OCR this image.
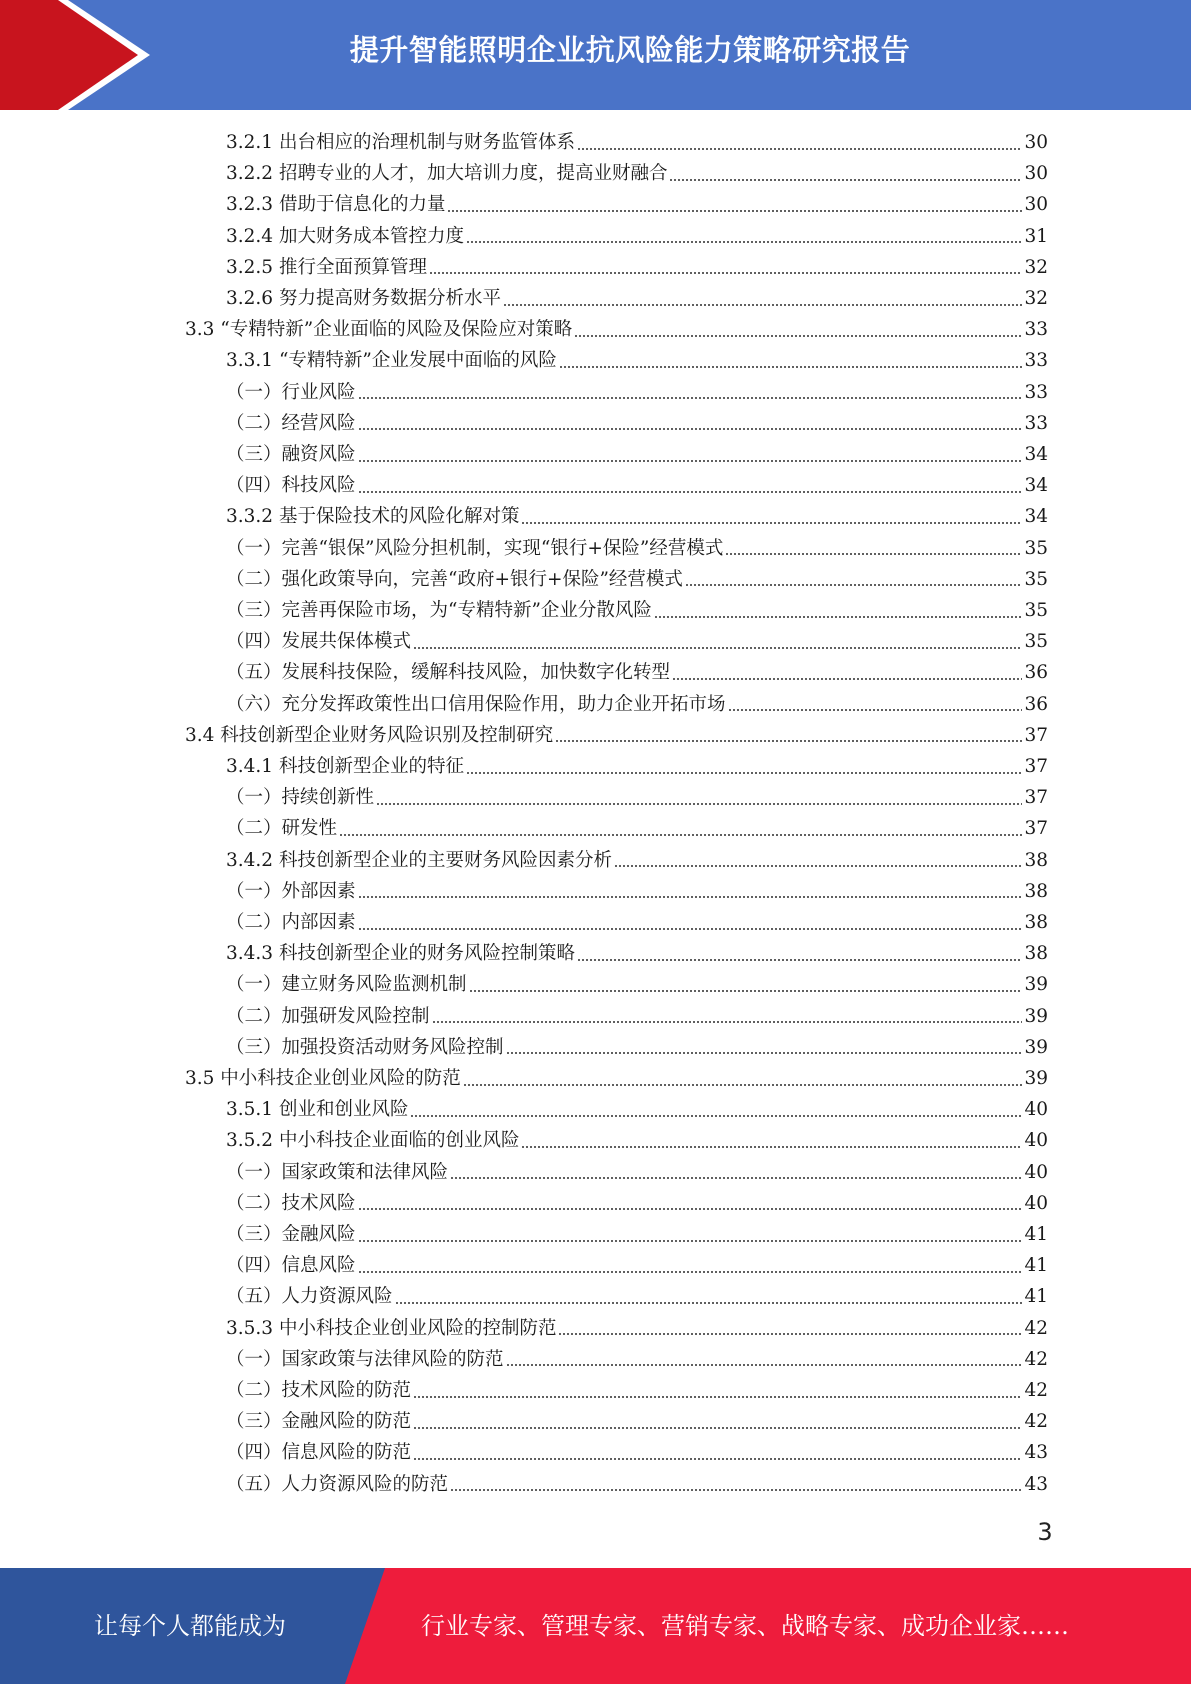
提升智能照明企业抗风险能力策略研究报告
3.2.1 出台相应的治理机制与财务监管体系	30
3.2.2 招聘专业的人才，加大培训力度，提高业财融合	30
3.2.3 借助于信息化的力量	30
3.2.4 加大财务成本管控力度	31
3.2.5 推行全面预算管理	32
3.2.6 努力提高财务数据分析水平	32
3.3 “专精特新”企业面临的风险及保险应对策略	33
3.3.1 “专精特新”企业发展中面临的风险	33
（一）行业风险	33
（二）经营风险	33
（三）融资风险	34
（四）科技风险	34
3.3.2 基于保险技术的风险化解对策	34
（一）完善“银保”风险分担机制，实现“银行+保险”经营模式	35
（二）强化政策导向，完善“政府+银行+保险”经营模式	35
（三）完善再保险市场，为“专精特新”企业分散风险	35
（四）发展共保体模式	35
（五）发展科技保险，缓解科技风险，加快数字化转型	36
（六）充分发挥政策性出口信用保险作用，助力企业开拓市场	36
3.4 科技创新型企业财务风险识别及控制研究	37
3.4.1 科技创新型企业的特征	37
（一）持续创新性	37
（二）研发性	37
3.4.2 科技创新型企业的主要财务风险因素分析	38
（一）外部因素	38
（二）内部因素	38
3.4.3 科技创新型企业的财务风险控制策略	38
（一）建立财务风险监测机制	39
（二）加强研发风险控制	39
（三）加强投资活动财务风险控制	39
3.5 中小科技企业创业风险的防范	39
3.5.1 创业和创业风险	40
3.5.2 中小科技企业面临的创业风险	40
（一）国家政策和法律风险	40
（二）技术风险	40
（三）金融风险	41
（四）信息风险	41
（五）人力资源风险	41
3.5.3 中小科技企业创业风险的控制防范	42
（一）国家政策与法律风险的防范	42
（二）技术风险的防范	42
（三）金融风险的防范	42
（四）信息风险的防范	43
（五）人力资源风险的防范	43
3
让每个人都能成为	行业专家、管理专家、营销专家、战略专家、成功企业家……
